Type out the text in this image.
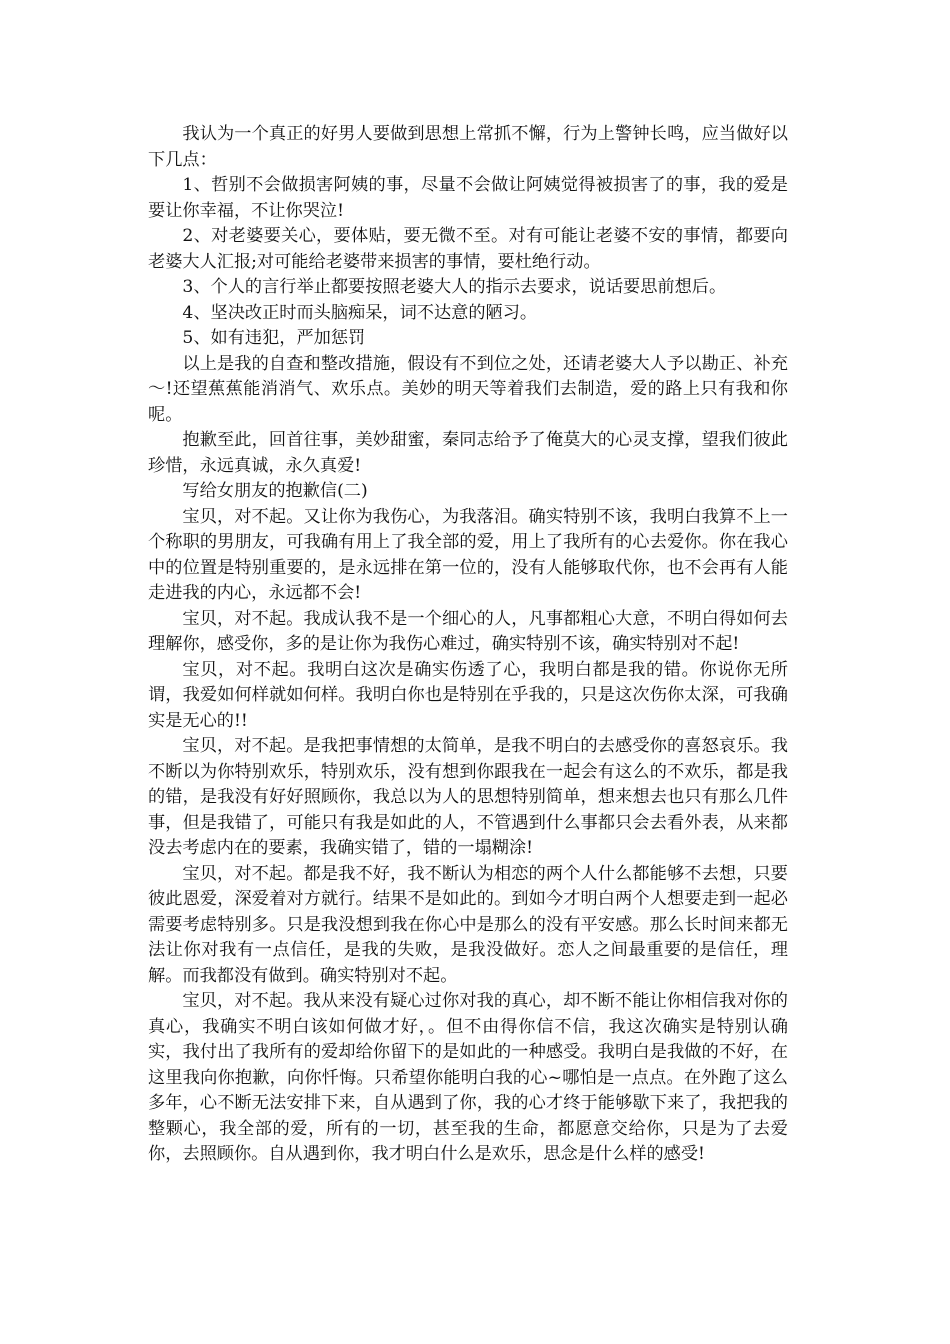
我认为一个真正的好男人要做到思想上常抓不懈，行为上警钟长鸣，应当做好以下几点：

1、哲别不会做损害阿姨的事，尽量不会做让阿姨觉得被损害了的事，我的爱是要让你幸福，不让你哭泣!

2、对老婆要关心，要体贴，要无微不至。对有可能让老婆不安的事情，都要向老婆大人汇报;对可能给老婆带来损害的事情，要杜绝行动。

3、个人的言行举止都要按照老婆大人的指示去要求，说话要思前想后。

4、坚决改正时而头脑痴呆，词不达意的陋习。

5、如有违犯，严加惩罚

以上是我的自查和整改措施，假设有不到位之处，还请老婆大人予以勘正、补充～!还望蕉蕉能消消气、欢乐点。美妙的明天等着我们去制造，爱的路上只有我和你呢。

抱歉至此，回首往事，美妙甜蜜，秦同志给予了俺莫大的心灵支撑，望我们彼此珍惜，永远真诚，永久真爱!

写给女朋友的抱歉信(二)

宝贝，对不起。又让你为我伤心，为我落泪。确实特别不该，我明白我算不上一个称职的男朋友，可我确有用上了我全部的爱，用上了我所有的心去爱你。你在我心中的位置是特别重要的，是永远排在第一位的，没有人能够取代你，也不会再有人能走进我的内心，永远都不会!

宝贝，对不起。我成认我不是一个细心的人，凡事都粗心大意，不明白得如何去理解你，感受你，多的是让你为我伤心难过，确实特别不该，确实特别对不起!

宝贝，对不起。我明白这次是确实伤透了心，我明白都是我的错。你说你无所谓，我爱如何样就如何样。我明白你也是特别在乎我的，只是这次伤你太深，可我确实是无心的!!

宝贝，对不起。是我把事情想的太简单，是我不明白的去感受你的喜怒哀乐。我不断以为你特别欢乐，特别欢乐，没有想到你跟我在一起会有这么的不欢乐，都是我的错，是我没有好好照顾你，我总以为人的思想特别简单，想来想去也只有那么几件事，但是我错了，可能只有我是如此的人，不管遇到什么事都只会去看外表，从来都没去考虑内在的要素，我确实错了，错的一塌糊涂!

宝贝，对不起。都是我不好，我不断认为相恋的两个人什么都能够不去想，只要彼此恩爱，深爱着对方就行。结果不是如此的。到如今才明白两个人想要走到一起必需要考虑特别多。只是我没想到我在你心中是那么的没有平安感。那么长时间来都无法让你对我有一点信任，是我的失败，是我没做好。恋人之间最重要的是信任，理解。而我都没有做到。确实特别对不起。

宝贝，对不起。我从来没有疑心过你对我的真心，却不断不能让你相信我对你的真心，我确实不明白该如何做才好，。但不由得你信不信，我这次确实是特别认确实，我付出了我所有的爱却给你留下的是如此的一种感受。我明白是我做的不好，在这里我向你抱歉，向你忏悔。只希望你能明白我的心~哪怕是一点点。在外跑了这么多年，心不断无法安排下来，自从遇到了你，我的心才终于能够歇下来了，我把我的整颗心，我全部的爱，所有的一切，甚至我的生命，都愿意交给你，只是为了去爱你，去照顾你。自从遇到你，我才明白什么是欢乐，思念是什么样的感受!
